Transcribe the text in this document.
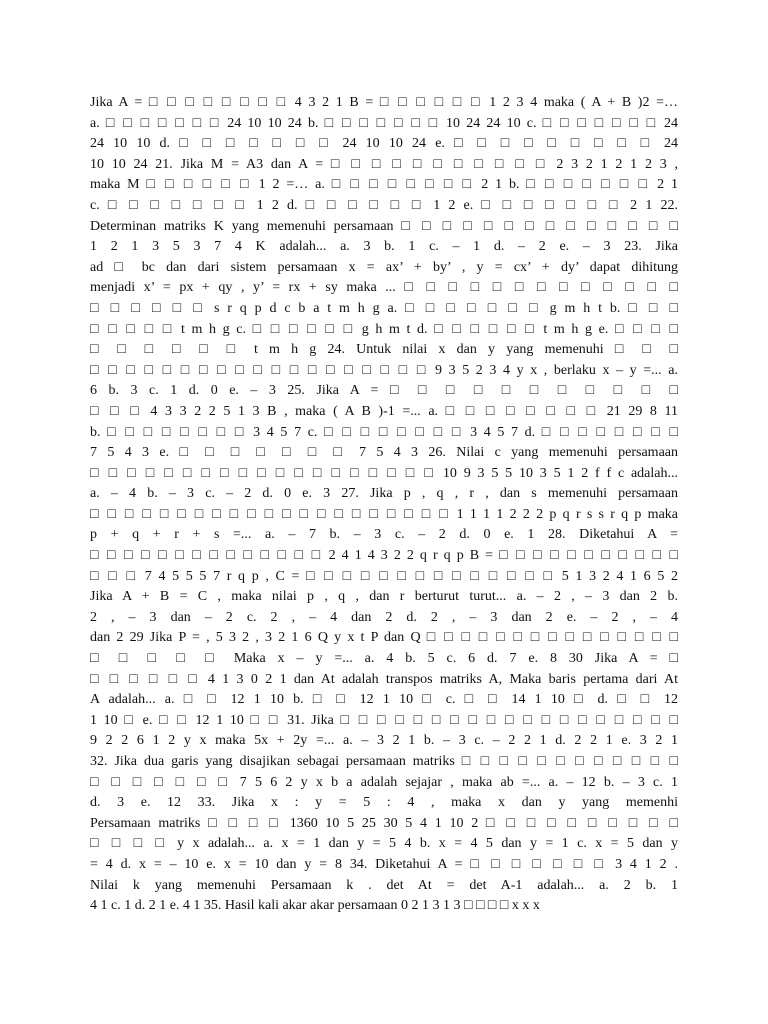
Jika A = □ □ □ □ □ □ □ □ 4 3 2 1 B = □ □ □ □ □ □ 1 2 3 4 maka ( A + B )2 =…
a. □ □ □ □ □ □ □ 24 10 10 24 b. □ □ □ □ □ □ □ 10 24 24 10 c. □ □ □ □ □ □ □ 24
24 10 10 d. □ □ □ □ □ □ □ 24 10 10 24 e. □ □ □ □ □ □ □ □ □ 24
10 10 24 21. Jika M = A3 dan A = □ □ □ □ □ □ □ □ □ □ □ 2 3 2 1 2 1 2 3 ,
maka M □ □ □ □ □ □ 1 2 =… a. □ □ □ □ □ □ □ □ 2 1 b. □ □ □ □ □ □ □ 2 1
c. □ □ □ □ □ □ □ 1 2 d. □ □ □ □ □ □ 1 2 e. □ □ □ □ □ □ □ 2 1 22.
Determinan matriks K yang memenuhi persamaan □ □ □ □ □ □ □ □ □ □ □ □ □ □
1 2 1 3 5 3 7 4 K adalah... a. 3 b. 1 c. – 1 d. – 2 e. – 3 23. Jika
ad □ bc dan dari sistem persamaan x = ax’ + by’ , y = cx’ + dy’ dapat dihitung
menjadi x’ = px + qy , y’ = rx + sy maka ... □ □ □ □ □ □ □ □ □ □ □ □ □
□ □ □ □ □ □ s r q p d c b a t m h g a. □ □ □ □ □ □ □ g m h t b. □ □ □
□ □ □ □ □ t m h g c. □ □ □ □ □ □ g h m t d. □ □ □ □ □ □ t m h g e. □ □ □ □
□ □ □ □ □ □ t m h g 24. Untuk nilai x dan y yang memenuhi □ □ □
□ □ □ □ □ □ □ □ □ □ □ □ □ □ □ □ □ □ □ 9 3 5 2 3 4 y x , berlaku x – y =... a.
6 b. 3 c. 1 d. 0 e. – 3 25. Jika A = □ □ □ □ □ □ □ □ □ □ □
□ □ □ 4 3 3 2 2 5 1 3 B , maka ( A B )-1 =... a. □ □ □ □ □ □ □ □ 21 29 8 11
b. □ □ □ □ □ □ □ □ 3 4 5 7 c. □ □ □ □ □ □ □ □ 3 4 5 7 d. □ □ □ □ □ □ □ □
7 5 4 3 e. □ □ □ □ □ □ □ 7 5 4 3 26. Nilai c yang memenuhi persamaan
□ □ □ □ □ □ □ □ □ □ □ □ □ □ □ □ □ □ □ 10 9 3 5 5 10 3 5 1 2 f f c adalah...
a. – 4 b. – 3 c. – 2 d. 0 e. 3 27. Jika p , q , r , dan s memenuhi persamaan
□ □ □ □ □ □ □ □ □ □ □ □ □ □ □ □ □ □ □ □ □ 1 1 1 1 2 2 2 p q r s s r q p maka
p + q + r + s =... a. – 7 b. – 3 c. – 2 d. 0 e. 1 28. Diketahui A =
□ □ □ □ □ □ □ □ □ □ □ □ □ □ 2 4 1 4 3 2 2 q r q p B = □ □ □ □ □ □ □ □ □ □ □
□ □ □ 7 4 5 5 5 7 r q p , C = □ □ □ □ □ □ □ □ □ □ □ □ □ □ 5 1 3 2 4 1 6 5 2
Jika A + B = C , maka nilai p , q , dan r berturut turut... a. – 2 , – 3 dan 2 b.
2 , – 3 dan – 2 c. 2 , – 4 dan 2 d. 2 , – 3 dan 2 e. – 2 , – 4
dan 2 29 Jika P = , 5 3 2 , 3 2 1 6 Q y x t P dan Q □ □ □ □ □ □ □ □ □ □ □ □ □ □ □
□ □ □ □ □ Maka x – y =... a. 4 b. 5 c. 6 d. 7 e. 8 30 Jika A = □
□ □ □ □ □ □ 4 1 3 0 2 1 dan At adalah transpos matriks A, Maka baris pertama dari At
A adalah... a. □ □ 12 1 10 b. □ □ 12 1 10 □ c. □ □ 14 1 10 □ d. □ □ 12
1 10 □ e. □ □ 12 1 10 □ □ 31. Jika □ □ □ □ □ □ □ □ □ □ □ □ □ □ □ □ □ □ □
9 2 2 6 1 2 y x maka 5x + 2y =... a. – 3 2 1 b. – 3 c. – 2 2 1 d. 2 2 1 e. 3 2 1
32. Jika dua garis yang disajikan sebagai persamaan matriks □ □ □ □ □ □ □ □ □ □ □ □
□ □ □ □ □ □ □ 7 5 6 2 y x b a adalah sejajar , maka ab =... a. – 12 b. – 3 c. 1
d. 3 e. 12 33. Jika x : y = 5 : 4 , maka x dan y yang memenhi
Persamaan matriks □ □ □ □ 1360 10 5 25 30 5 4 1 10 2 □ □ □ □ □ □ □ □ □ □
□ □ □ □ y x adalah... a. x = 1 dan y = 5 4 b. x = 4 5 dan y = 1 c. x = 5 dan y
= 4 d. x = – 10 e. x = 10 dan y = 8 34. Diketahui A = □ □ □ □ □ □ □ 3 4 1 2 .
Nilai k yang memenuhi Persamaan k . det At = det A-1 adalah... a. 2 b. 1
4 1 c. 1 d. 2 1 e. 4 1 35. Hasil kali akar akar persamaan 0 2 1 3 1 3 □ □ □ □ x x x
